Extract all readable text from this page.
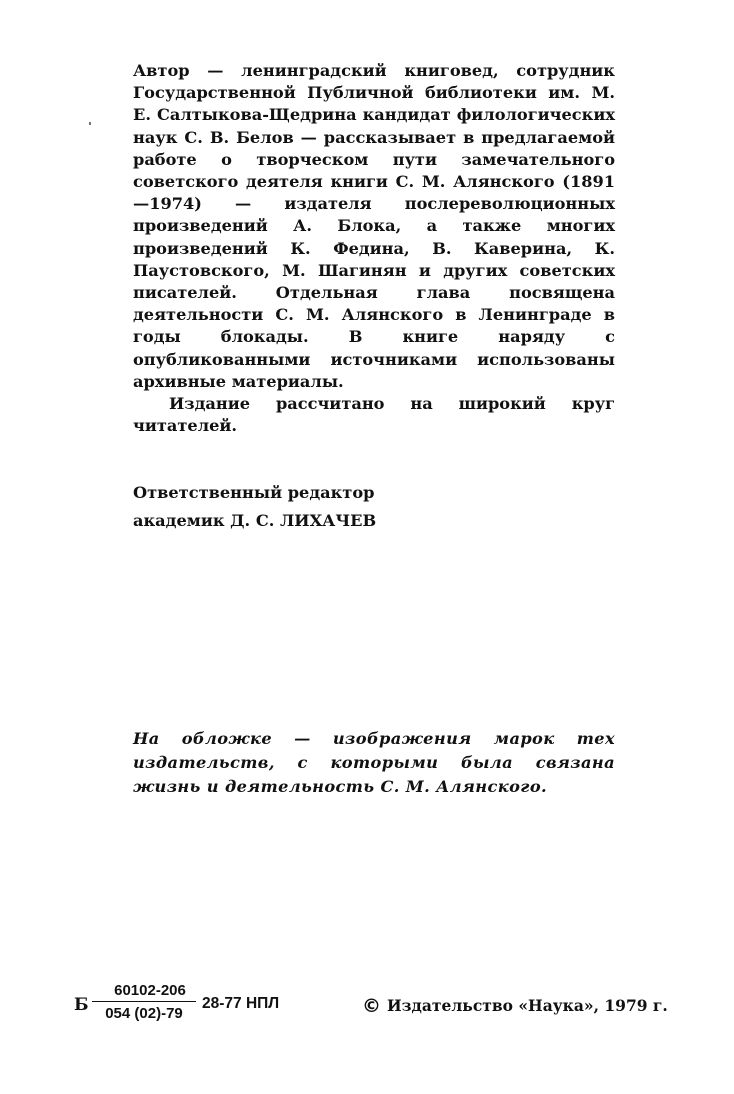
Автор — ленинградский книговед, сотрудник Государственной Публичной библиотеки им. М. Е. Салтыкова-Щедрина кандидат филологических наук С. В. Белов — рассказывает в предлагаемой работе о творческом пути замечательного советского деятеля книги С. М. Алянского (1891—1974) — издателя послереволюционных произведений А. Блока, а также многих произведений К. Федина, В. Каверина, К. Паустовского, М. Шагинян и других советских писателей. Отдельная глава посвящена деятельности С. М. Алянского в Ленинграде в годы блокады. В книге наряду с опубликованными источниками использованы архивные материалы.

Издание рассчитано на широкий круг читателей.

Ответственный редактор
академик Д. С. ЛИХАЧЕВ
На обложке — изображения марок тех издательств, с которыми была связана жизнь и деятельность С. М. Алянского.
Б $\frac{60102-206}{054 (02)-79} 28-77$ НПЛ	© Издательство «Наука», 1979 г.
